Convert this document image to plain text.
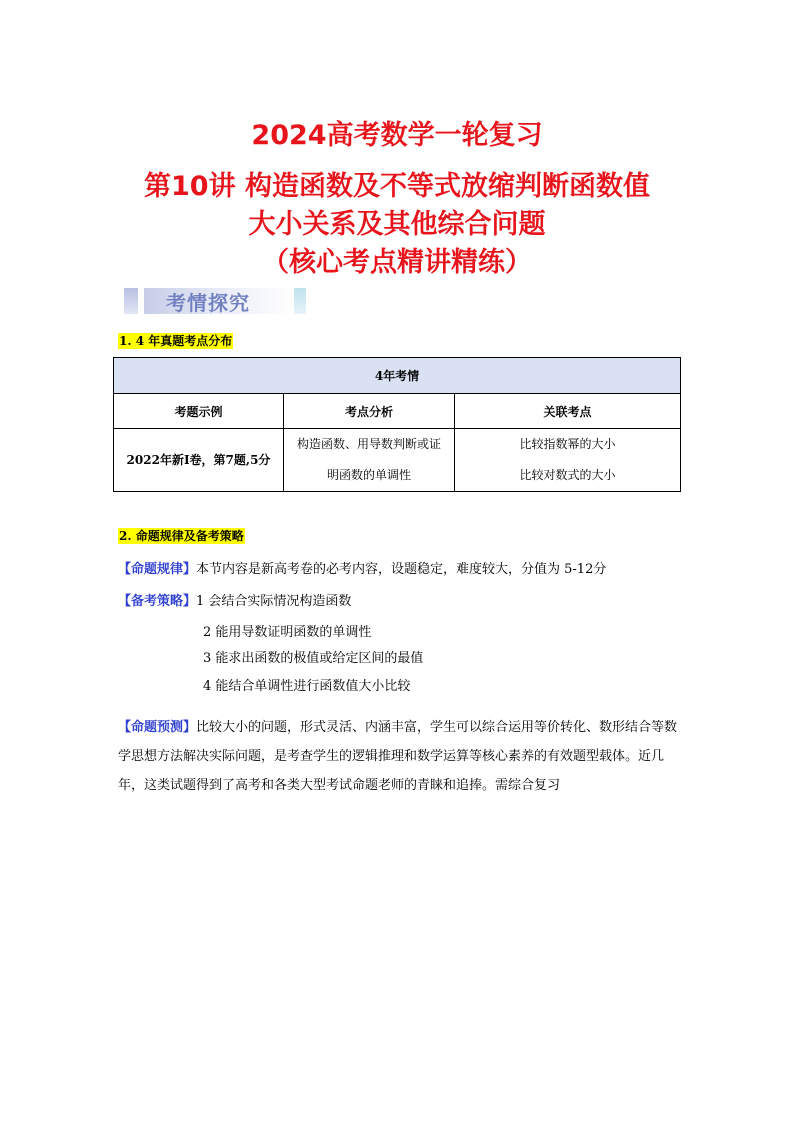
2024高考数学一轮复习
第10讲 构造函数及不等式放缩判断函数值
大小关系及其他综合问题
（核心考点精讲精练）
考情探究
1. 4 年真题考点分布
4年考情		
考题示例	考点分析	关联考点
2022年新I卷，第7题,5分	构造函数、用导数判断或证明函数的单调性	比较指数幂的大小
比较对数式的大小
2. 命题规律及备考策略
【命题规律】本节内容是新高考卷的必考内容，设题稳定，难度较大，分值为 5-12分
【备考策略】1 会结合实际情况构造函数
2 能用导数证明函数的单调性
3 能求出函数的极值或给定区间的最值
4 能结合单调性进行函数值大小比较
【命题预测】比较大小的问题，形式灵活、内涵丰富，学生可以综合运用等价转化、数形结合等数学思想方法解决实际问题，是考查学生的逻辑推理和数学运算等核心素养的有效题型载体。近几年，这类试题得到了高考和各类大型考试命题老师的青睐和追捧。需综合复习
